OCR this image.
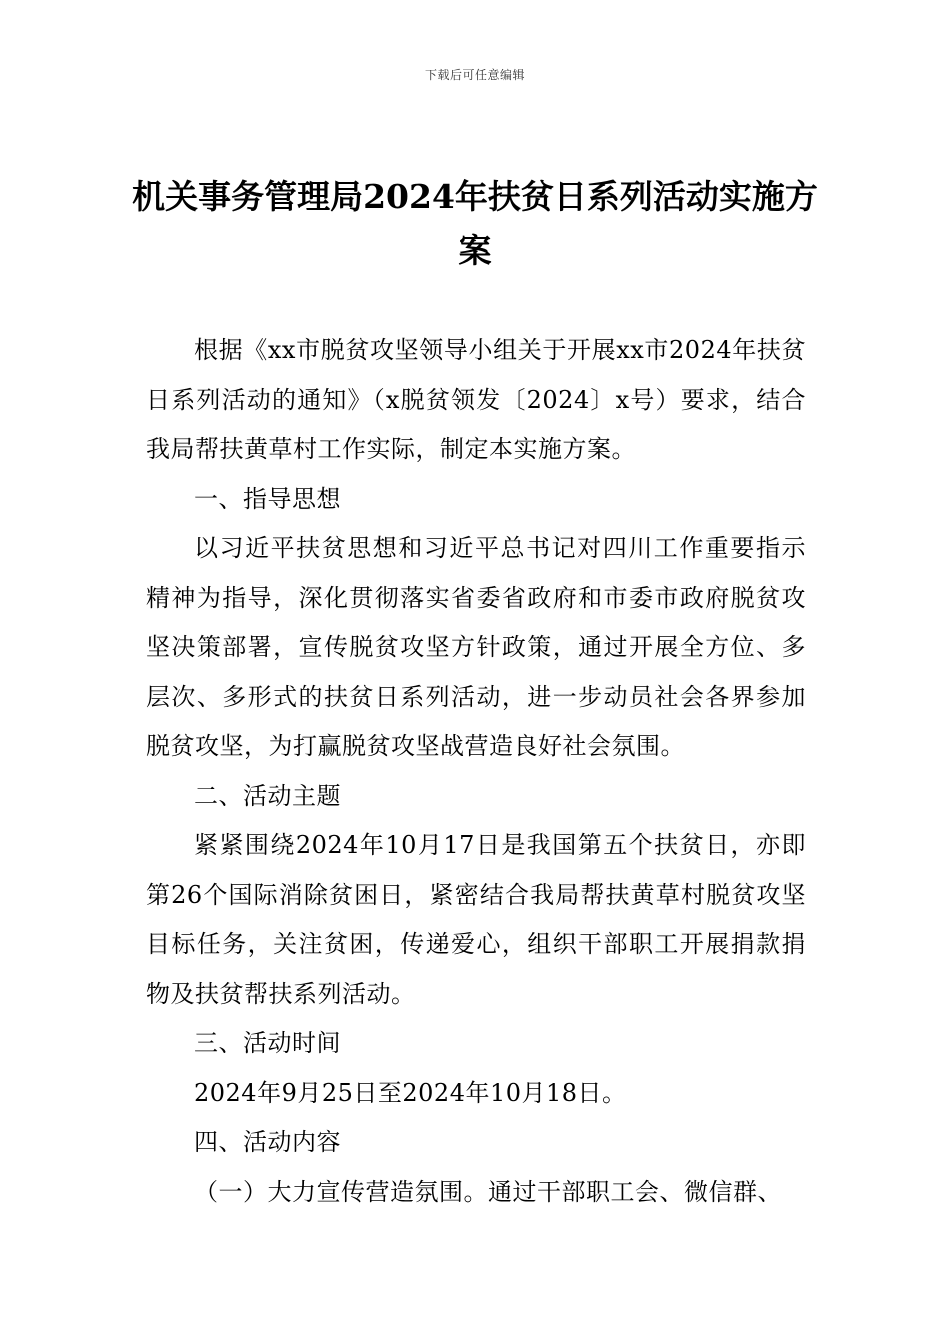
下载后可任意编辑
机关事务管理局2024年扶贫日系列活动实施方案

根据《xx市脱贫攻坚领导小组关于开展xx市2024年扶贫日系列活动的通知》（x脱贫领发〔2024〕x号）要求，结合我局帮扶黄草村工作实际，制定本实施方案。

一、指导思想

以习近平扶贫思想和习近平总书记对四川工作重要指示精神为指导，深化贯彻落实省委省政府和市委市政府脱贫攻坚决策部署，宣传脱贫攻坚方针政策，通过开展全方位、多层次、多形式的扶贫日系列活动，进一步动员社会各界参加脱贫攻坚，为打赢脱贫攻坚战营造良好社会氛围。

二、活动主题

紧紧围绕2024年10月17日是我国第五个扶贫日，亦即第26个国际消除贫困日，紧密结合我局帮扶黄草村脱贫攻坚目标任务，关注贫困，传递爱心，组织干部职工开展捐款捐物及扶贫帮扶系列活动。

三、活动时间

2024年9月25日至2024年10月18日。

四、活动内容

（一）大力宣传营造氛围。通过干部职工会、微信群、
